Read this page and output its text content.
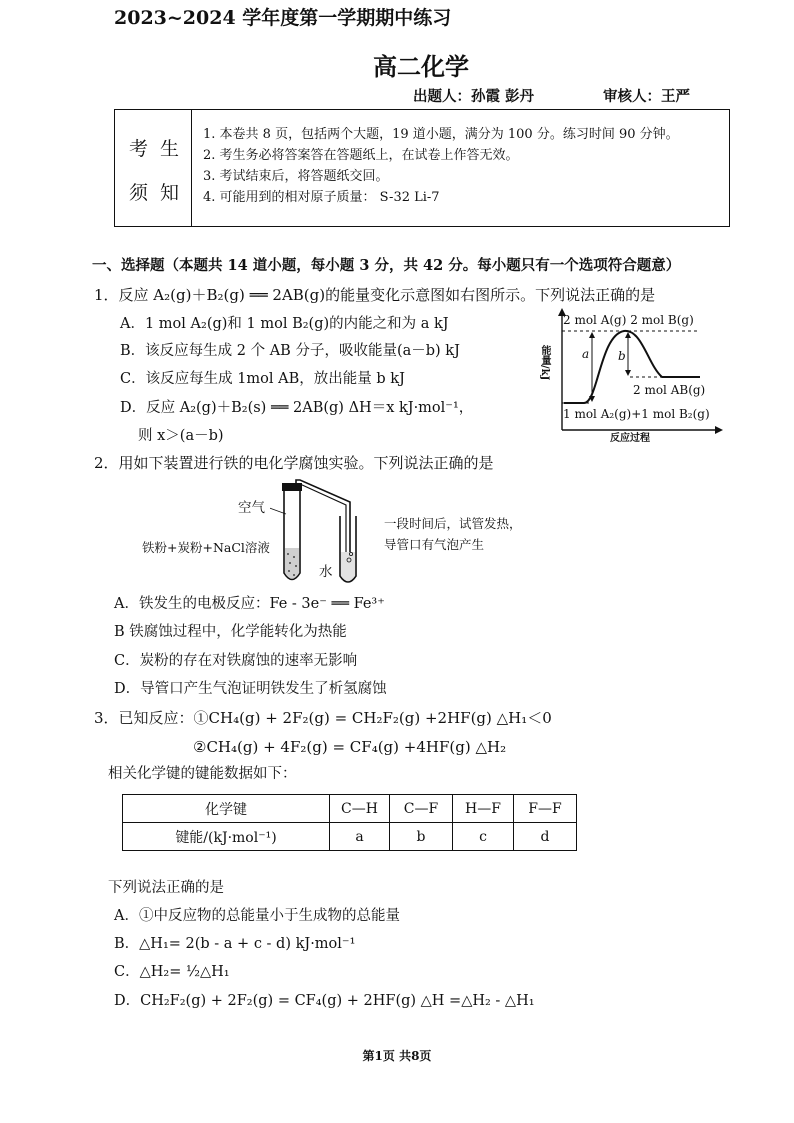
2023~2024 学年度第一学期期中练习
高二化学
出题人：孙霞 彭丹	审核人：王严
考生
须知
1. 本卷共 8 页，包括两个大题，19 道小题，满分为 100 分。练习时间 90 分钟。
2. 考生务必将答案答在答题纸上，在试卷上作答无效。
3. 考试结束后，将答题纸交回。
4. 可能用到的相对原子质量： S-32 Li-7
一、选择题（本题共 14 道小题，每小题 3 分，共 42 分。每小题只有一个选项符合题意）
1．反应 A₂(g)＋B₂(g) ══ 2AB(g)的能量变化示意图如右图所示。下列说法正确的是
A．1 mol A₂(g)和 1 mol B₂(g)的内能之和为 a kJ
B．该反应每生成 2 个 AB 分子，吸收能量(a－b) kJ
C．该反应每生成 1mol AB，放出能量 b kJ
D．反应 A₂(g)＋B₂(s) ══ 2AB(g) ΔH＝x kJ·mol⁻¹，
则 x＞(a－b)
2 mol A(g) 2 mol B(g)
2 mol AB(g)
1 mol A₂(g)+1 mol B₂(g)
a b
能量/kJ
反应过程
2．用如下装置进行铁的电化学腐蚀实验。下列说法正确的是
空气
铁粉+炭粉+NaCl溶液
水
一段时间后，试管发热，
导管口有气泡产生
A．铁发生的电极反应：Fe - 3e⁻ ══ Fe³⁺
B 铁腐蚀过程中，化学能转化为热能
C．炭粉的存在对铁腐蚀的速率无影响
D．导管口产生气泡证明铁发生了析氢腐蚀
3．已知反应：①CH₄(g) + 2F₂(g) = CH₂F₂(g) +2HF(g) △H₁＜0
②CH₄(g) + 4F₂(g) = CF₄(g) +4HF(g) △H₂
相关化学键的键能数据如下：
化学键	C—H	C—F	H—F	F—F
键能/(kJ·mol⁻¹)	a	b	c	d
下列说法正确的是
A．①中反应物的总能量小于生成物的总能量
B．△H₁= 2(b - a + c - d) kJ·mol⁻¹
C．△H₂= ½△H₁
D．CH₂F₂(g) + 2F₂(g) = CF₄(g) + 2HF(g) △H =△H₂ - △H₁
第1页 共8页
